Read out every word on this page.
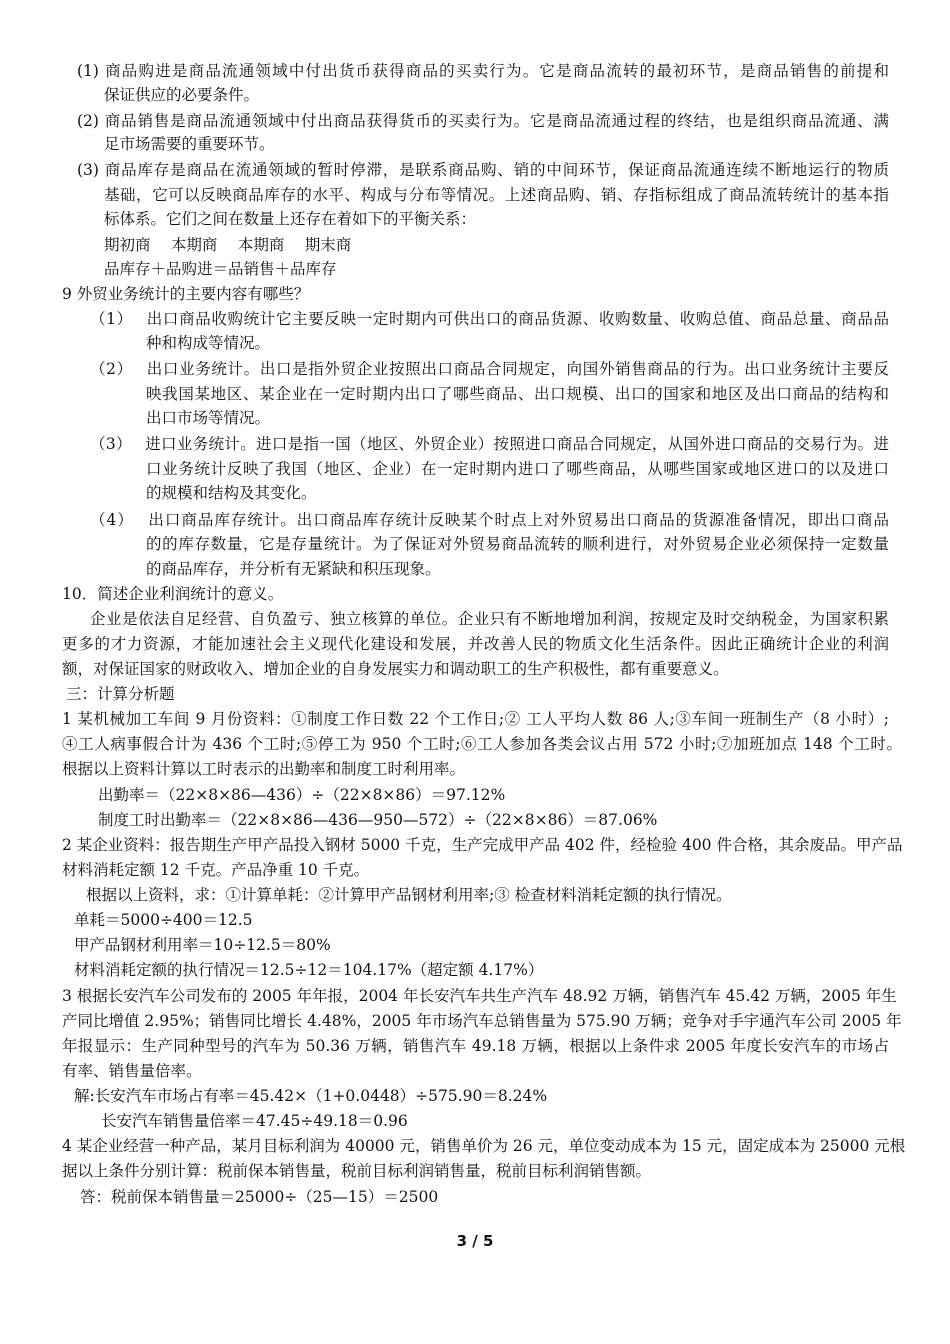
(1) 商品购进是商品流通领域中付出货币获得商品的买卖行为。它是商品流转的最初环节，是商品销售的前提和
保证供应的必要条件。
(2) 商品销售是商品流通领域中付出商品获得货币的买卖行为。它是商品流通过程的终结，也是组织商品流通、满
足市场需要的重要环节。
(3) 商品库存是商品在流通领域的暂时停滞，是联系商品购、销的中间环节，保证商品流通连续不断地运行的物质
基础，它可以反映商品库存的水平、构成与分布等情况。上述商品购、销、存指标组成了商品流转统计的基本指
标体系。它们之间在数量上还存在着如下的平衡关系：
期初商　 本期商　 本期商　 期末商
品库存＋品购进＝品销售＋品库存
9 外贸业务统计的主要内容有哪些？
（1）　 出口商品收购统计它主要反映一定时期内可供出口的商品货源、收购数量、收购总值、商品总量、商品品
种和构成等情况。
（2）　 出口业务统计。出口是指外贸企业按照出口商品合同规定，向国外销售商品的行为。出口业务统计主要反
映我国某地区、某企业在一定时期内出口了哪些商品、出口规模、出口的国家和地区及出口商品的结构和
出口市场等情况。
（3）　 进口业务统计。进口是指一国（地区、外贸企业）按照进口商品合同规定，从国外进口商品的交易行为。进
口业务统计反映了我国（地区、企业）在一定时期内进口了哪些商品，从哪些国家或地区进口的以及进口
的规模和结构及其变化。
（4）　 出口商品库存统计。出口商品库存统计反映某个时点上对外贸易出口商品的货源准备情况，即出口商品
的的库存数量，它是存量统计。为了保证对外贸易商品流转的顺利进行，对外贸易企业必须保持一定数量
的商品库存，并分析有无紧缺和积压现象。
10．简述企业利润统计的意义。
企业是依法自足经营、自负盈亏、独立核算的单位。企业只有不断地增加利润，按规定及时交纳税金，为国家积累
更多的才力资源，才能加速社会主义现代化建设和发展，并改善人民的物质文化生活条件。因此正确统计企业的利润
额，对保证国家的财政收入、增加企业的自身发展实力和调动职工的生产积极性，都有重要意义。
三：计算分析题
1 某机械加工车间 9 月份资料：①制度工作日数 22 个工作日;② 工人平均人数 86 人;③车间一班制生产（8 小时）;
④工人病事假合计为 436 个工时;⑤停工为 950 个工时;⑥工人参加各类会议占用 572 小时;⑦加班加点 148 个工时。
根据以上资料计算以工时表示的出勤率和制度工时利用率。
出勤率＝（22×8×86—436）÷（22×8×86）＝97.12%
制度工时出勤率＝（22×8×86—436—950—572）÷（22×8×86）＝87.06%
2 某企业资料：报告期生产甲产品投入钢材 5000 千克，生产完成甲产品 402 件，经检验 400 件合格，其余废品。甲产品
材料消耗定额 12 千克。产品净重 10 千克。
根据以上资料，求：①计算单耗：②计算甲产品钢材利用率;③ 检查材料消耗定额的执行情况。
单耗＝5000÷400＝12.5
甲产品钢材利用率＝10÷12.5＝80%
材料消耗定额的执行情况＝12.5÷12＝104.17%（超定额 4.17%）
3 根据长安汽车公司发布的 2005 年年报，2004 年长安汽车共生产汽车 48.92 万辆，销售汽车 45.42 万辆，2005 年生
产同比增值 2.95%；销售同比增长 4.48%，2005 年市场汽车总销售量为 575.90 万辆；竞争对手宇通汽车公司 2005 年
年报显示：生产同种型号的汽车为 50.36 万辆，销售汽车 49.18 万辆，根据以上条件求 2005 年度长安汽车的市场占
有率、销售量倍率。
解:长安汽车市场占有率＝45.42×（1+0.0448）÷575.90＝8.24%
长安汽车销售量倍率＝47.45÷49.18＝0.96
4 某企业经营一种产品，某月目标利润为 40000 元，销售单价为 26 元，单位变动成本为 15 元，固定成本为 25000 元根
据以上条件分别计算：税前保本销售量，税前目标利润销售量，税前目标利润销售额。
答：税前保本销售量＝25000÷（25—15）＝2500
3 / 5
